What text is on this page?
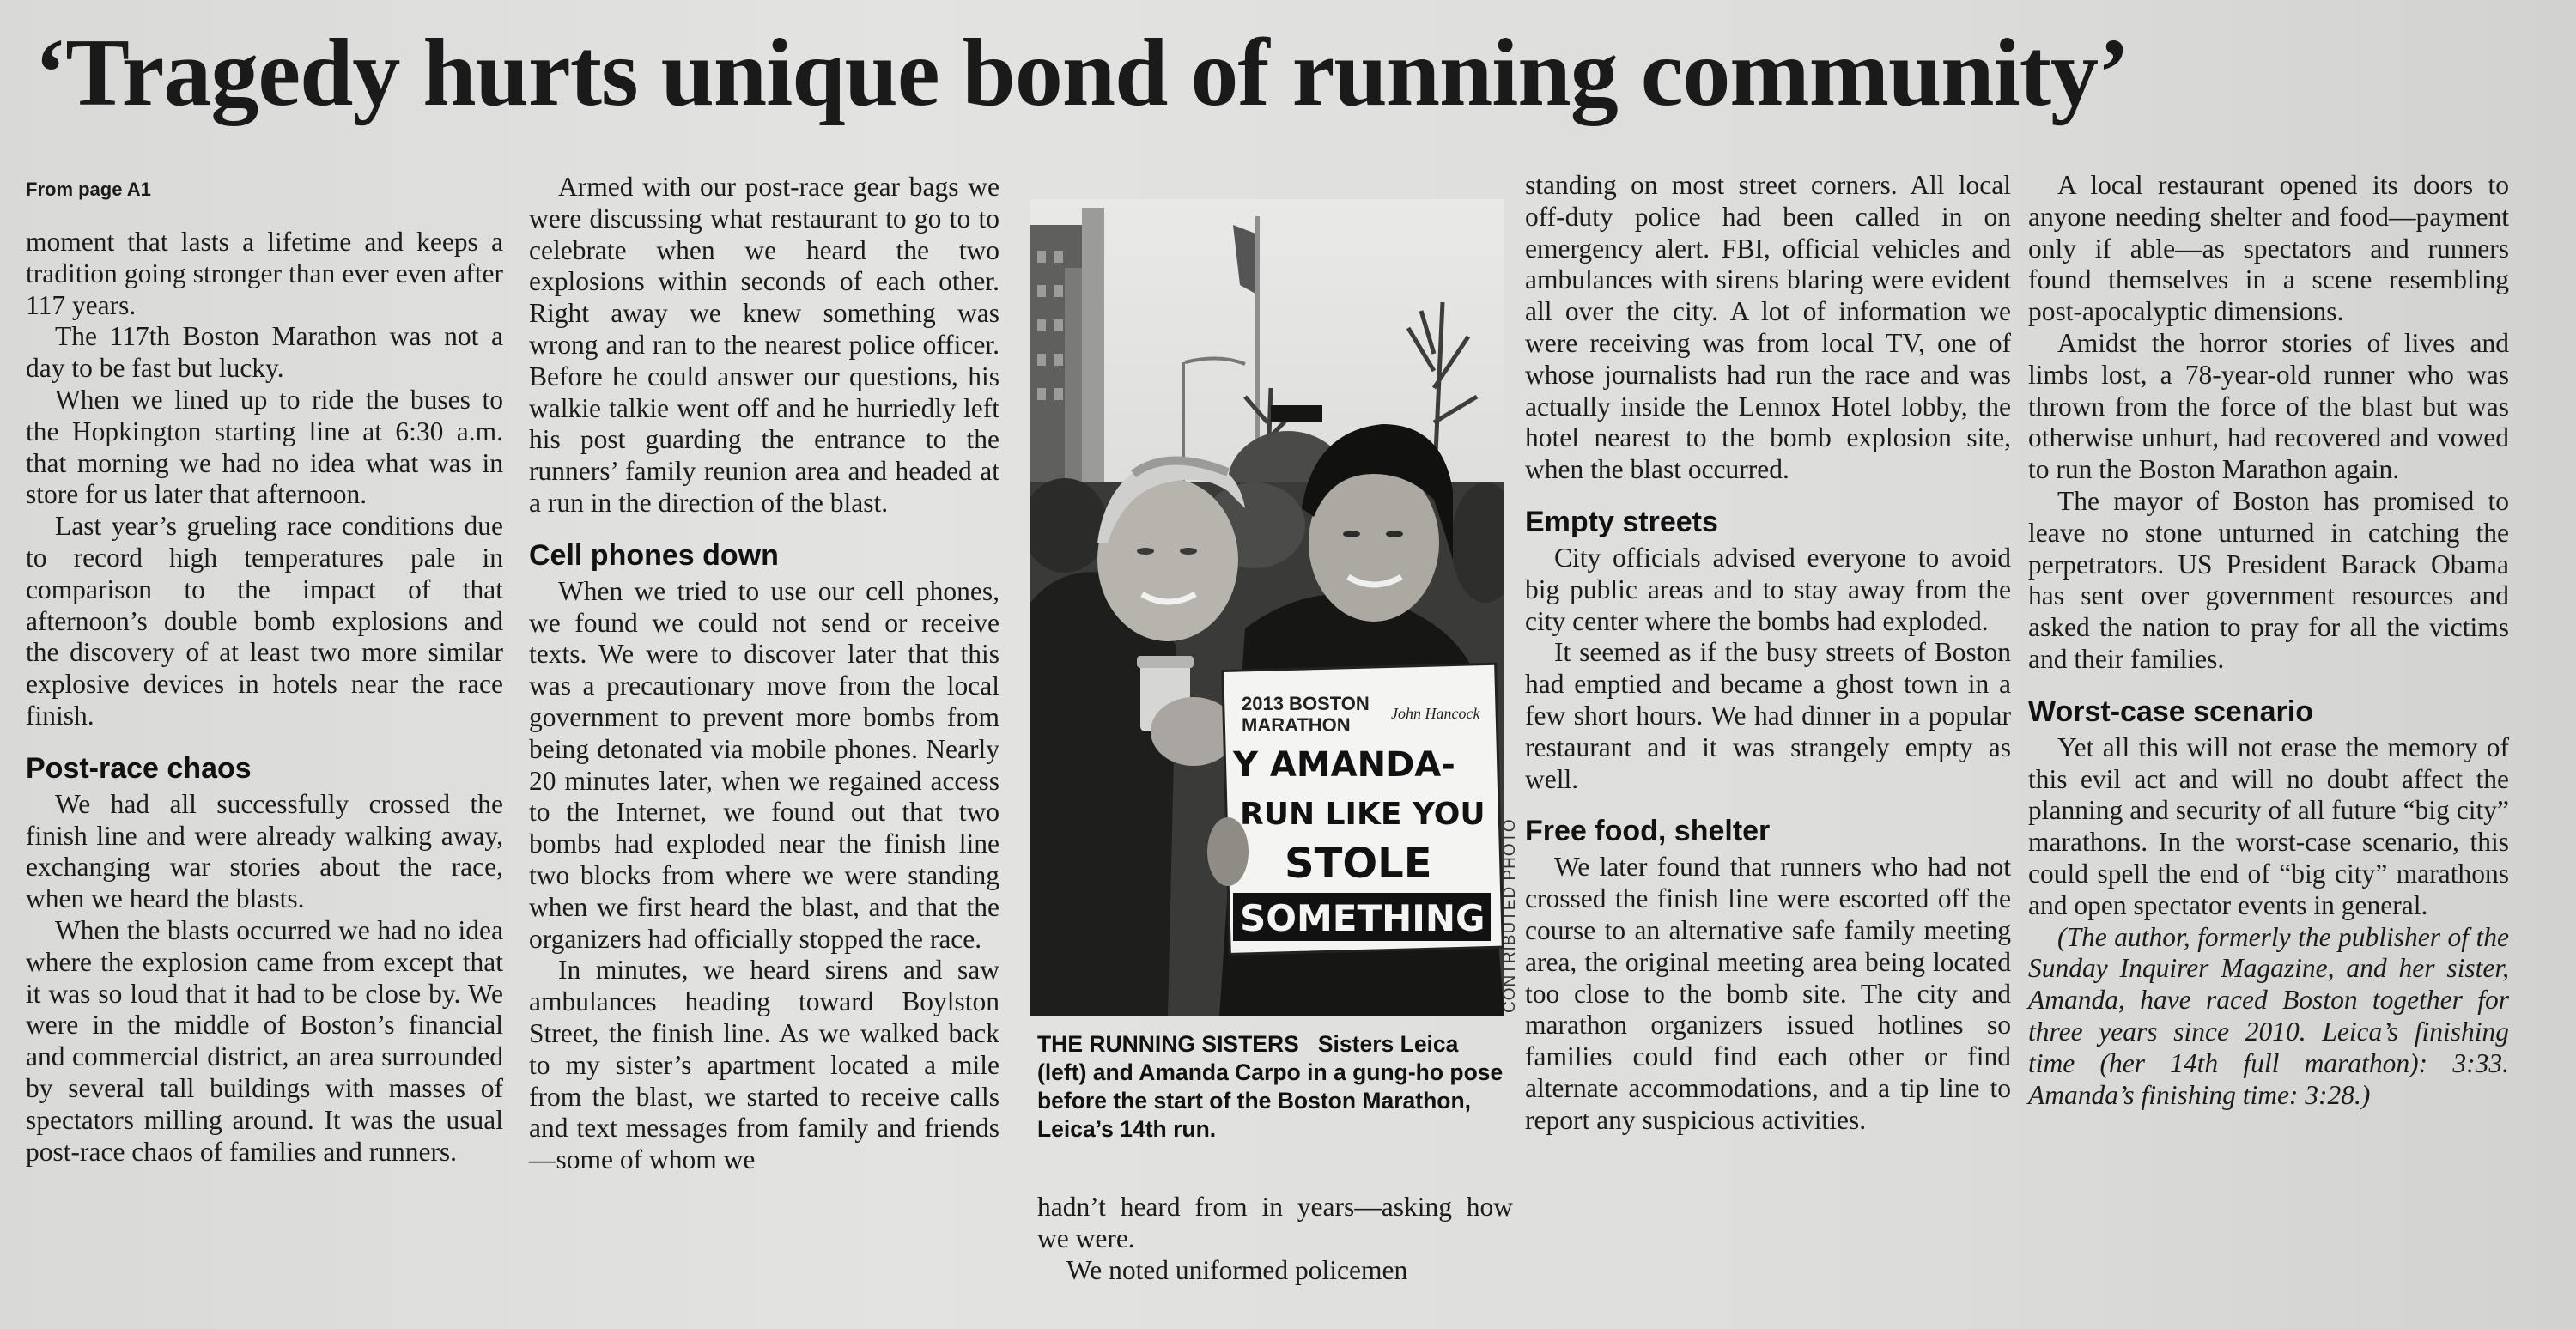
‘Tragedy hurts unique bond of running community’
From page A1

moment that lasts a lifetime and keeps a tradition going stronger than ever even after 117 years.

The 117th Boston Marathon was not a day to be fast but lucky.

When we lined up to ride the buses to the Hopkington starting line at 6:30 a.m. that morning we had no idea what was in store for us later that afternoon.

Last year’s grueling race conditions due to record high temperatures pale in comparison to the impact of that afternoon’s double bomb explosions and the discovery of at least two more similar explosive devices in hotels near the race finish.

Post-race chaos

We had all successfully crossed the finish line and were already walking away, exchanging war stories about the race, when we heard the blasts.

When the blasts occurred we had no idea where the explosion came from except that it was so loud that it had to be close by. We were in the middle of Boston’s financial and commercial district, an area surrounded by several tall buildings with masses of spectators milling around. It was the usual post-race chaos of families and runners.

Armed with our post-race gear bags we were discussing what restaurant to go to to celebrate when we heard the two explosions within seconds of each other. Right away we knew something was wrong and ran to the nearest police officer. Before he could answer our questions, his walkie talkie went off and he hurriedly left his post guarding the entrance to the runners’ family reunion area and headed at a run in the direction of the blast.

Cell phones down

When we tried to use our cell phones, we found we could not send or receive texts. We were to discover later that this was a precautionary move from the local government to prevent more bombs from being detonated via mobile phones. Nearly 20 minutes later, when we regained access to the Internet, we found out that two bombs had exploded near the finish line two blocks from where we were standing when we first heard the blast, and that the organizers had officially stopped the race.

In minutes, we heard sirens and saw ambulances heading toward Boylston Street, the finish line. As we walked back to my sister’s apartment located a mile from the blast, we started to receive calls and text messages from family and friends—some of whom we

2013 BOSTON
MARATHON
John Hancock
Y AMANDA-
RUN LIKE YOU
STOLE
SOMETHING CONTRIBUTED PHOTO
THE RUNNING SISTERS Sisters Leica (left) and Amanda Carpo in a gung-ho pose before the start of the Boston Marathon, Leica’s 14th run.

hadn’t heard from in years—asking how we were.

We noted uniformed policemen

standing on most street corners. All local off-duty police had been called in on emergency alert. FBI, official vehicles and ambulances with sirens blaring were evident all over the city. A lot of information we were receiving was from local TV, one of whose journalists had run the race and was actually inside the Lennox Hotel lobby, the hotel nearest to the bomb explosion site, when the blast occurred.

Empty streets

City officials advised everyone to avoid big public areas and to stay away from the city center where the bombs had exploded.

It seemed as if the busy streets of Boston had emptied and became a ghost town in a few short hours. We had dinner in a popular restaurant and it was strangely empty as well.

Free food, shelter

We later found that runners who had not crossed the finish line were escorted off the course to an alternative safe family meeting area, the original meeting area being located too close to the bomb site. The city and marathon organizers issued hotlines so families could find each other or find alternate accommodations, and a tip line to report any suspicious activities.

A local restaurant opened its doors to anyone needing shelter and food—payment only if able—as spectators and runners found themselves in a scene resembling post-apocalyptic dimensions.

Amidst the horror stories of lives and limbs lost, a 78-year-old runner who was thrown from the force of the blast but was otherwise unhurt, had recovered and vowed to run the Boston Marathon again.

The mayor of Boston has promised to leave no stone unturned in catching the perpetrators. US President Barack Obama has sent over government resources and asked the nation to pray for all the victims and their families.

Worst-case scenario

Yet all this will not erase the memory of this evil act and will no doubt affect the planning and security of all future “big city” marathons. In the worst-case scenario, this could spell the end of “big city” marathons and open spectator events in general.

(The author, formerly the publisher of the Sunday Inquirer Magazine, and her sister, Amanda, have raced Boston together for three years since 2010. Leica’s finishing time (her 14th full marathon): 3:33. Amanda’s finishing time: 3:28.)
